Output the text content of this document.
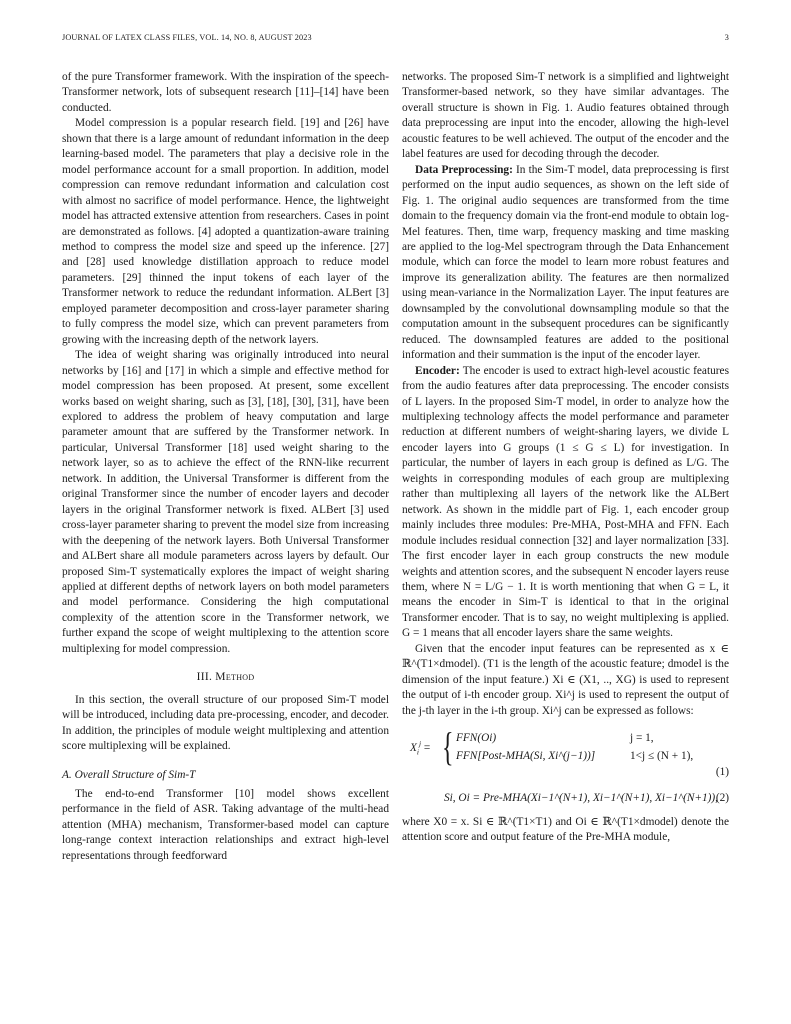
JOURNAL OF LATEX CLASS FILES, VOL. 14, NO. 8, AUGUST 2023	3

of the pure Transformer framework. With the inspiration of the speech-Transformer network, lots of subsequent research [11]–[14] have been conducted.

Model compression is a popular research field. [19] and [26] have shown that there is a large amount of redundant information in the deep learning-based model. The parameters that play a decisive role in the model performance account for a small proportion. In addition, model compression can remove redundant information and calculation cost with almost no sacrifice of model performance. Hence, the lightweight model has attracted extensive attention from researchers. Cases in point are demonstrated as follows. [4] adopted a quantization-aware training method to compress the model size and speed up the inference. [27] and [28] used knowledge distillation approach to reduce model parameters. [29] thinned the input tokens of each layer of the Transformer network to reduce the redundant information. ALBert [3] employed parameter decomposition and cross-layer parameter sharing to fully compress the model size, which can prevent parameters from growing with the increasing depth of the network layers.

The idea of weight sharing was originally introduced into neural networks by [16] and [17] in which a simple and effective method for model compression has been proposed. At present, some excellent works based on weight sharing, such as [3], [18], [30], [31], have been explored to address the problem of heavy computation and large parameter amount that are suffered by the Transformer network. In particular, Universal Transformer [18] used weight sharing to the network layer, so as to achieve the effect of the RNN-like recurrent network. In addition, the Universal Transformer is different from the original Transformer since the number of encoder layers and decoder layers in the original Transformer network is fixed. ALBert [3] used cross-layer parameter sharing to prevent the model size from increasing with the deepening of the network layers. Both Universal Transformer and ALBert share all module parameters across layers by default. Our proposed Sim-T systematically explores the impact of weight sharing applied at different depths of network layers on both model parameters and model performance. Considering the high computational complexity of the attention score in the Transformer network, we further expand the scope of weight multiplexing to the attention score multiplexing for model compression.

III. Method

In this section, the overall structure of our proposed Sim-T model will be introduced, including data pre-processing, encoder, and decoder. In addition, the principles of module weight multiplexing and attention score multiplexing will be explained.

A. Overall Structure of Sim-T

The end-to-end Transformer [10] model shows excellent performance in the field of ASR. Taking advantage of the multi-head attention (MHA) mechanism, Transformer-based model can capture long-range context interaction relationships and extract high-level representations through feedforward

networks. The proposed Sim-T network is a simplified and lightweight Transformer-based network, so they have similar advantages. The overall structure is shown in Fig. 1. Audio features obtained through data preprocessing are input into the encoder, allowing the high-level acoustic features to be well achieved. The output of the encoder and the label features are used for decoding through the decoder.

Data Preprocessing: In the Sim-T model, data preprocessing is first performed on the input audio sequences, as shown on the left side of Fig. 1. The original audio sequences are transformed from the time domain to the frequency domain via the front-end module to obtain log-Mel features. Then, time warp, frequency masking and time masking are applied to the log-Mel spectrogram through the Data Enhancement module, which can force the model to learn more robust features and improve its generalization ability. The features are then normalized using mean-variance in the Normalization Layer. The input features are downsampled by the convolutional downsampling module so that the computation amount in the subsequent procedures can be significantly reduced. The downsampled features are added to the positional information and their summation is the input of the encoder layer.

Encoder: The encoder is used to extract high-level acoustic features from the audio features after data preprocessing. The encoder consists of L layers. In the proposed Sim-T model, in order to analyze how the multiplexing technology affects the model performance and parameter reduction at different numbers of weight-sharing layers, we divide L encoder layers into G groups (1 ≤ G ≤ L) for investigation. In particular, the number of layers in each group is defined as L/G. The weights in corresponding modules of each group are multiplexing rather than multiplexing all layers of the network like the ALBert network. As shown in the middle part of Fig. 1, each encoder group mainly includes three modules: Pre-MHA, Post-MHA and FFN. Each module includes residual connection [32] and layer normalization [33]. The first encoder layer in each group constructs the new module weights and attention scores, and the subsequent N encoder layers reuse them, where N = L/G − 1. It is worth mentioning that when G = L, it means the encoder in Sim-T is identical to that in the original Transformer encoder. That is to say, no weight multiplexing is applied. G = 1 means that all encoder layers share the same weights.

Given that the encoder input features can be represented as x ∈ ℝ^(T1×dmodel). (T1 is the length of the acoustic feature; dmodel is the dimension of the input feature.) Xi ∈ (X1, .., XG) is used to represent the output of i-th encoder group. Xi^j is used to represent the output of the j-th layer in the i-th group. Xi^j can be expressed as follows:

$X_i^j$ = { FFN(Oi)	j = 1,
FFN[Post-MHA(Si, Xi^(j−1))]	1<j ≤ (N + 1),
(1)
Si, Oi = Pre-MHA(Xi−1^(N+1), Xi−1^(N+1), Xi−1^(N+1)),
(2)

where X0 = x. Si ∈ ℝ^(T1×T1) and Oi ∈ ℝ^(T1×dmodel) denote the attention score and output feature of the Pre-MHA module,
